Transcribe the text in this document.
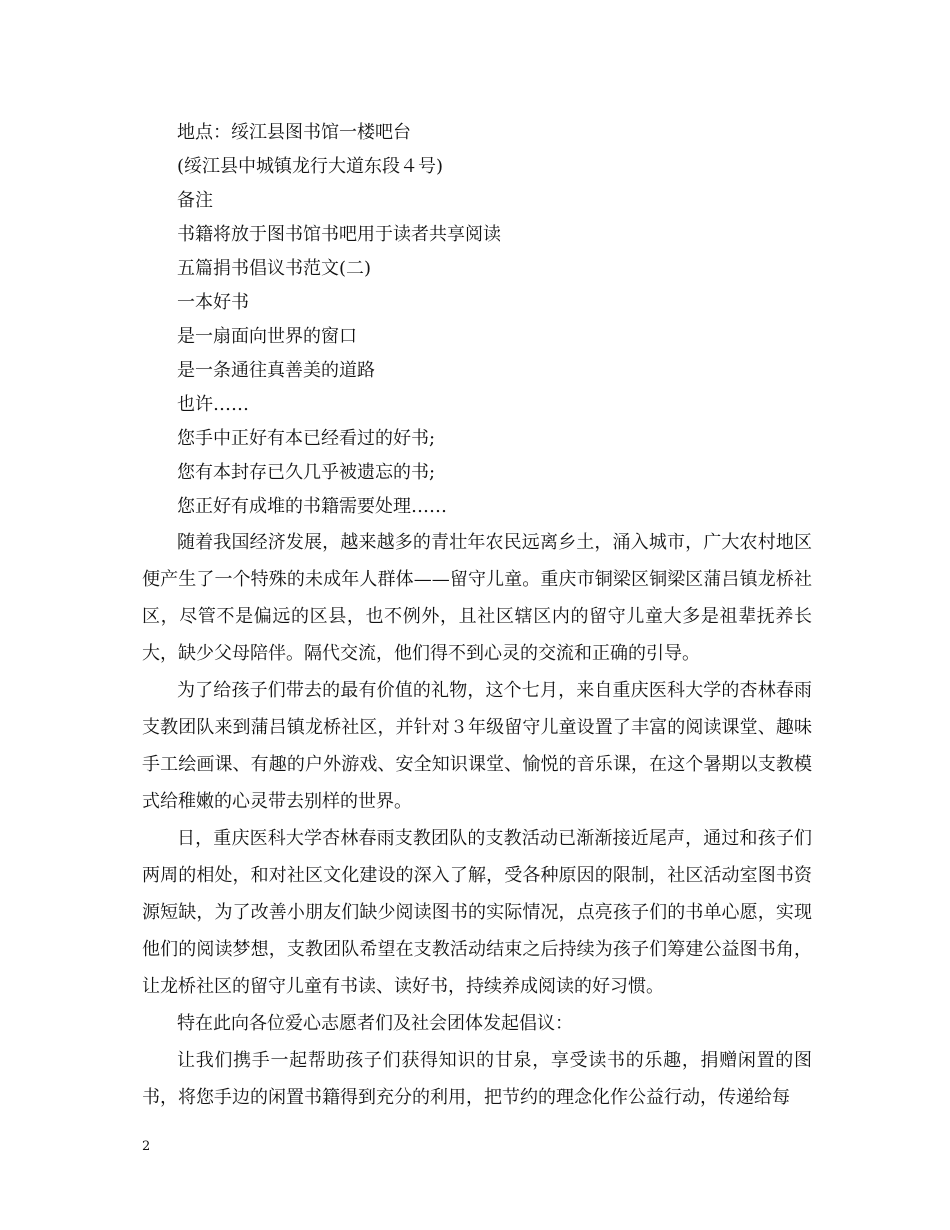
地点：绥江县图书馆一楼吧台
(绥江县中城镇龙行大道东段４号)
备注
书籍将放于图书馆书吧用于读者共享阅读
五篇捐书倡议书范文(二)
一本好书
是一扇面向世界的窗口
是一条通往真善美的道路
也许……
您手中正好有本已经看过的好书;
您有本封存已久几乎被遗忘的书;
您正好有成堆的书籍需要处理……

随着我国经济发展，越来越多的青壮年农民远离乡土，涌入城市，广大农村地区便产生了一个特殊的未成年人群体——留守儿童。重庆市铜梁区铜梁区蒲吕镇龙桥社区，尽管不是偏远的区县，也不例外，且社区辖区内的留守儿童大多是祖辈抚养长大，缺少父母陪伴。隔代交流，他们得不到心灵的交流和正确的引导。

为了给孩子们带去的最有价值的礼物，这个七月，来自重庆医科大学的杏林春雨支教团队来到蒲吕镇龙桥社区，并针对３年级留守儿童设置了丰富的阅读课堂、趣味手工绘画课、有趣的户外游戏、安全知识课堂、愉悦的音乐课，在这个暑期以支教模式给稚嫩的心灵带去别样的世界。

日，重庆医科大学杏林春雨支教团队的支教活动已渐渐接近尾声，通过和孩子们两周的相处，和对社区文化建设的深入了解，受各种原因的限制，社区活动室图书资源短缺，为了改善小朋友们缺少阅读图书的实际情况，点亮孩子们的书单心愿，实现他们的阅读梦想，支教团队希望在支教活动结束之后持续为孩子们筹建公益图书角，让龙桥社区的留守儿童有书读、读好书，持续养成阅读的好习惯。

特在此向各位爱心志愿者们及社会团体发起倡议：

让我们携手一起帮助孩子们获得知识的甘泉，享受读书的乐趣，捐赠闲置的图书，将您手边的闲置书籍得到充分的利用，把节约的理念化作公益行动，传递给每

2
